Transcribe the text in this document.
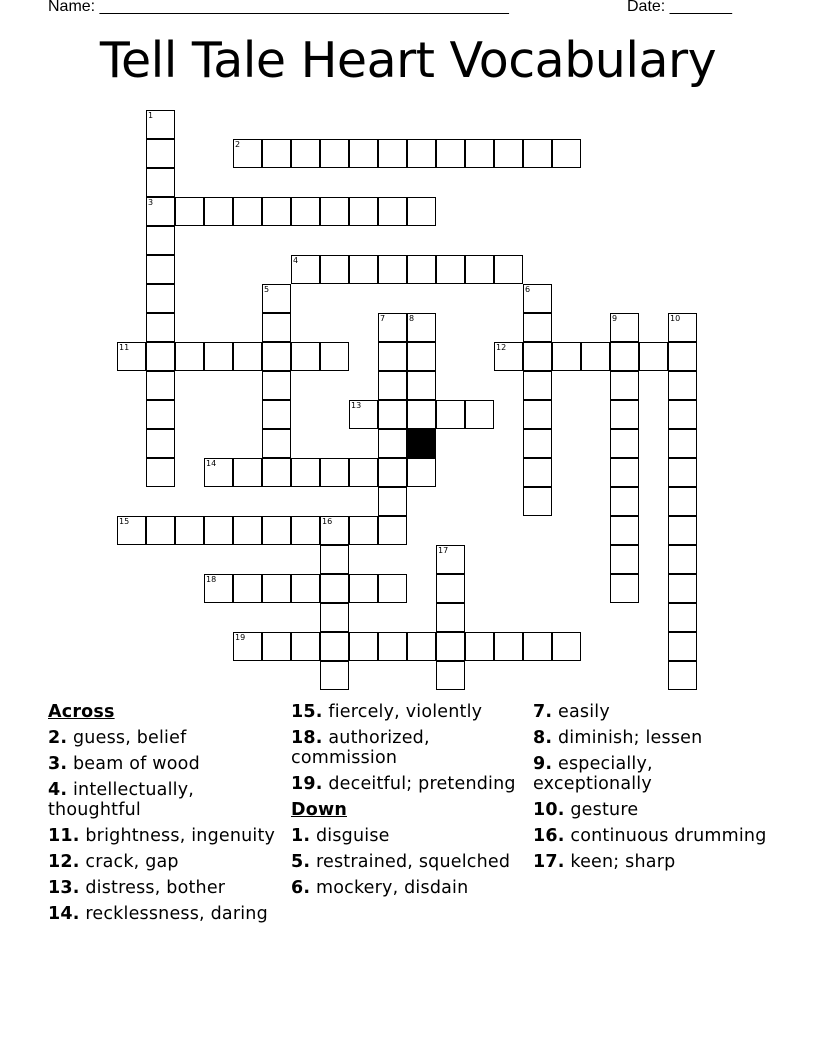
Name: ______________________________________________	Date: _______
Tell Tale Heart Vocabulary
1
3
2
4
5	6
7	8	9	10
11	12
13
14
15	16
17
18
19
Across
2. guess, belief
3. beam of wood
4. intellectually, thoughtful
11. brightness, ingenuity
12. crack, gap
13. distress, bother
14. recklessness, daring
15. fiercely, violently
18. authorized, commission
19. deceitful; pretending
Down
1. disguise
5. restrained, squelched
6. mockery, disdain
7. easily
8. diminish; lessen
9. especially, exceptionally
10. gesture
16. continuous drumming
17. keen; sharp
